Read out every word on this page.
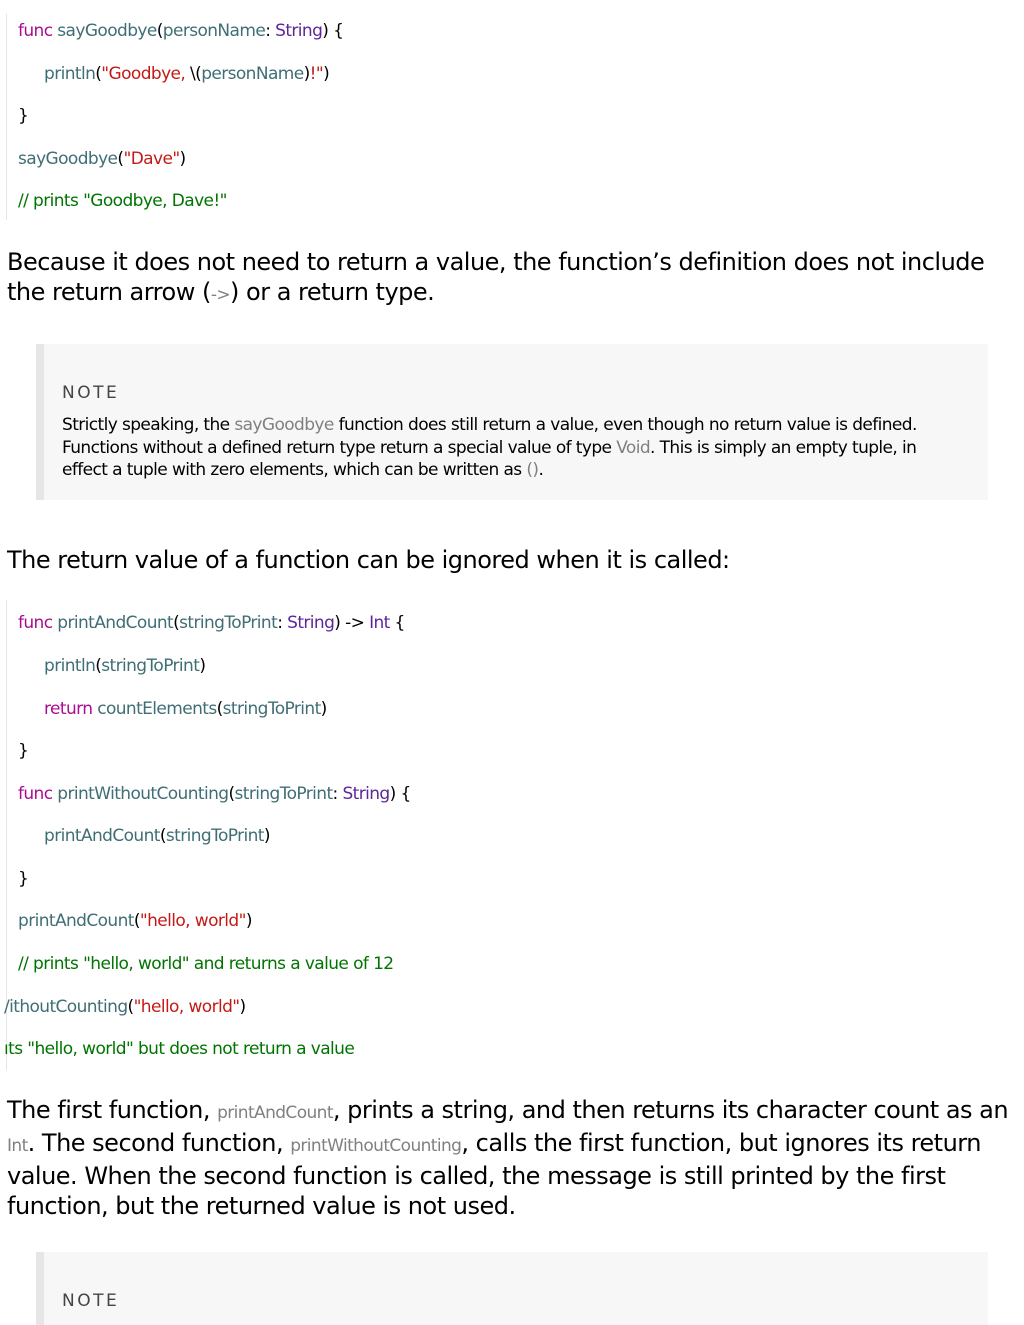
func sayGoodbye(personName: String) {

println("Goodbye, \(personName)!")

}

sayGoodbye("Dave")

// prints "Goodbye, Dave!"

Because it does not need to return a value, the function’s definition does not include the return arrow (->) or a return type.
NOTE
Strictly speaking, the sayGoodbye function does still return a value, even though no return value is defined. Functions without a defined return type return a special value of type Void. This is simply an empty tuple, in effect a tuple with zero elements, which can be written as ().
The return value of a function can be ignored when it is called:

func printAndCount(stringToPrint: String) -> Int {

println(stringToPrint)

return countElements(stringToPrint)

}

func printWithoutCounting(stringToPrint: String) {

printAndCount(stringToPrint)

}

printAndCount("hello, world")

// prints "hello, world" and returns a value of 12

/ithoutCounting("hello, world")

ıts "hello, world" but does not return a value

The first function, printAndCount, prints a string, and then returns its character count as an Int. The second function, printWithoutCounting, calls the first function, but ignores its return value. When the second function is called, the message is still printed by the first function, but the returned value is not used.
NOTE
